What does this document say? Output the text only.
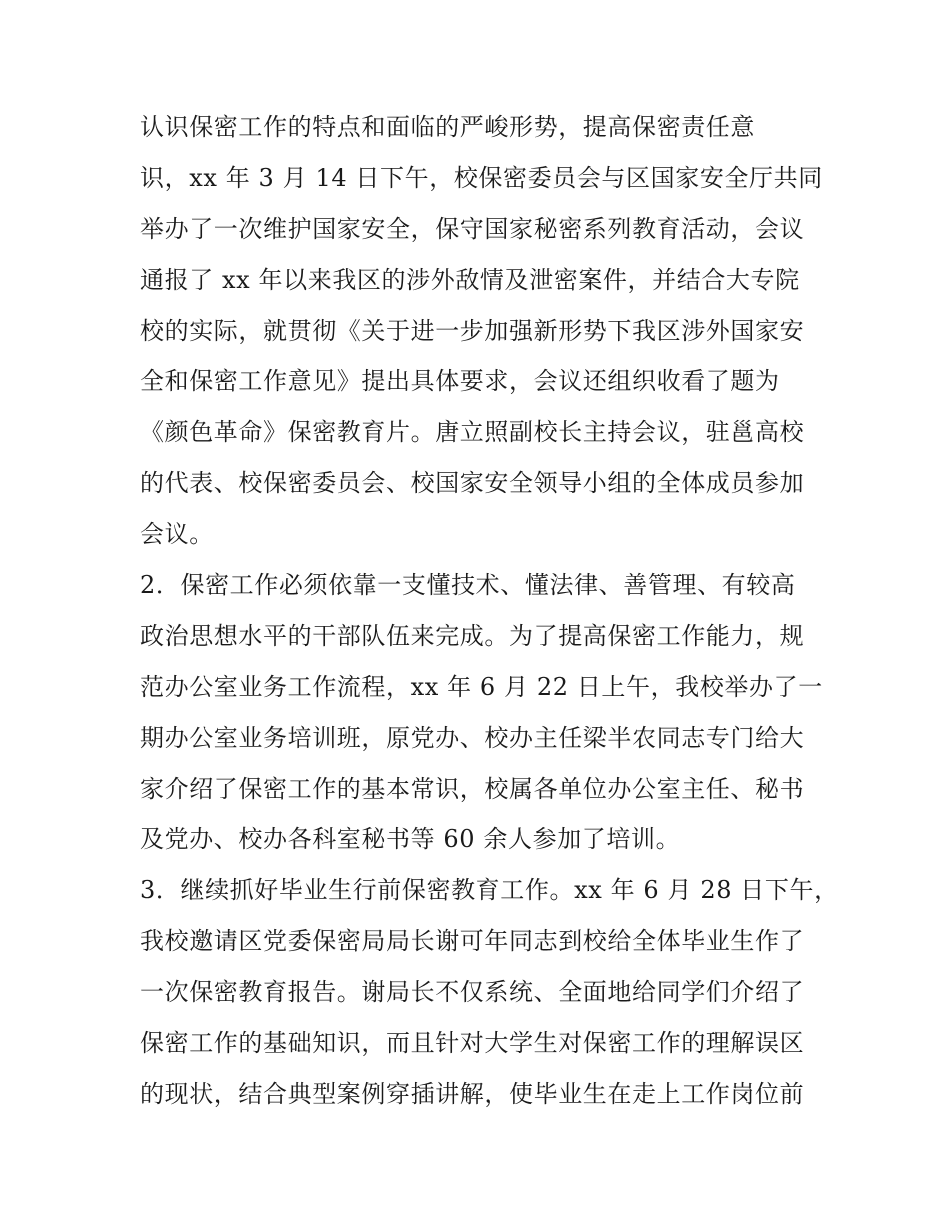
认识保密工作的特点和面临的严峻形势，提高保密责任意
识，xx 年 3 月 14 日下午，校保密委员会与区国家安全厅共同
举办了一次维护国家安全，保守国家秘密系列教育活动，会议
通报了 xx 年以来我区的涉外敌情及泄密案件，并结合大专院
校的实际，就贯彻《关于进一步加强新形势下我区涉外国家安
全和保密工作意见》提出具体要求，会议还组织收看了题为
《颜色革命》保密教育片。唐立照副校长主持会议，驻邕高校
的代表、校保密委员会、校国家安全领导小组的全体成员参加
会议。
2．保密工作必须依靠一支懂技术、懂法律、善管理、有较高
政治思想水平的干部队伍来完成。为了提高保密工作能力，规
范办公室业务工作流程，xx 年 6 月 22 日上午，我校举办了一
期办公室业务培训班，原党办、校办主任梁半农同志专门给大
家介绍了保密工作的基本常识，校属各单位办公室主任、秘书
及党办、校办各科室秘书等 60 余人参加了培训。
3．继续抓好毕业生行前保密教育工作。xx 年 6 月 28 日下午，
我校邀请区党委保密局局长谢可年同志到校给全体毕业生作了
一次保密教育报告。谢局长不仅系统、全面地给同学们介绍了
保密工作的基础知识，而且针对大学生对保密工作的理解误区
的现状，结合典型案例穿插讲解，使毕业生在走上工作岗位前
